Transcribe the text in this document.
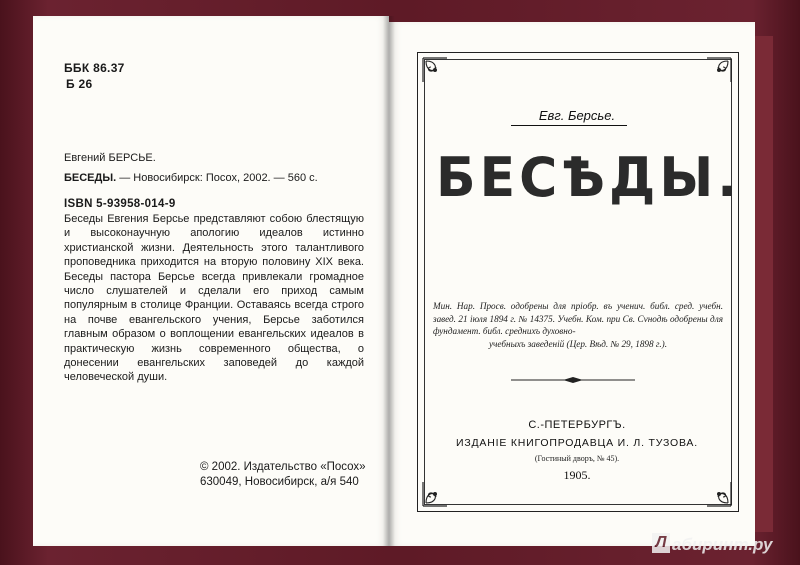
ББК 86.37
Б 26
Евгений БЕРСЬЕ.
БЕСЕДЫ. — Новосибирск: Посох, 2002. — 560 с.
ISBN 5-93958-014-9
Беседы Евгения Берсье представляют собою блестящую и высоконаучную апологию идеалов истинно христианской жизни. Деятельность этого талантливого проповедника приходится на вторую половину XIX века. Беседы пастора Берсье всегда привлекали громадное число слушателей и сделали его приход самым популярным в столице Франции. Оставаясь всегда строго на почве евангельского учения, Берсье заботился главным образом о воплощении евангельских идеалов в практическую жизнь современного общества, о донесении евангельских заповедей до каждой человеческой души.
© 2002. Издательство «Посох»
630049, Новосибирск, а/я 540
Евг. Берсье.
БЕСѢДЫ.
Мин. Нар. Просв. одобрены для пріобр. въ ученич. библ. сред. учебн. завед. 21 іюля 1894 г. № 14375. Учебн. Ком. при Св. Сνнодѣ одобрены для фундамент. библ. среднихъ духовно-
учебныхъ заведеній (Цер. Вѣд. № 29, 1898 г.).
С.-ПЕТЕРБУРГЪ.
ИЗДАНІЕ КНИГОПРОДАВЦА И. Л. ТУЗОВА.
(Гостиный дворъ, № 45).
1905.
Л абиринт.ру
